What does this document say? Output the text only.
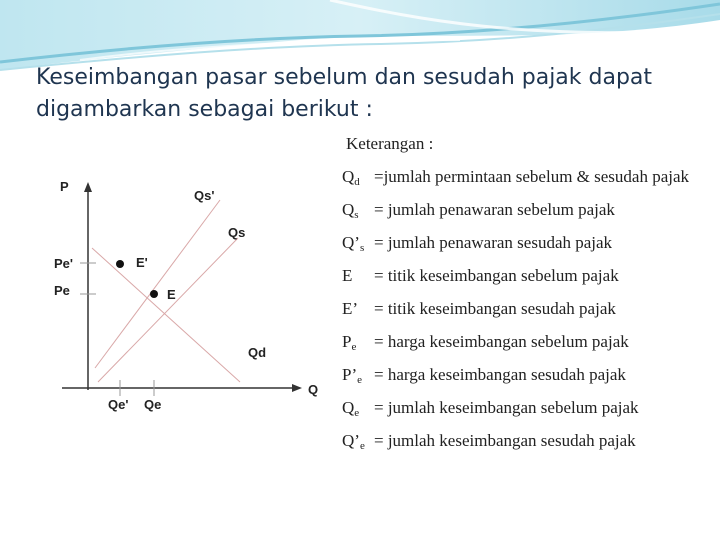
Keseimbangan pasar sebelum dan sesudah pajak dapat
digambarkan sebagai berikut :
P
Q
Qs'
Qs
Qd
E'
E
Pe'
Pe
Qe' Qe
Keterangan :
$Q_d$ =jumlah permintaan sebelum & sesudah pajak
$Q_s$ = jumlah penawaran sebelum pajak
$Q’_s$ = jumlah penawaran sesudah pajak
E = titik keseimbangan sebelum pajak
E’ = titik keseimbangan sesudah pajak
$P_e$ = harga keseimbangan sebelum pajak
$P’_e$ = harga keseimbangan sesudah pajak
$Q_e$ = jumlah keseimbangan sebelum pajak
$Q’_e$ = jumlah keseimbangan sesudah pajak
